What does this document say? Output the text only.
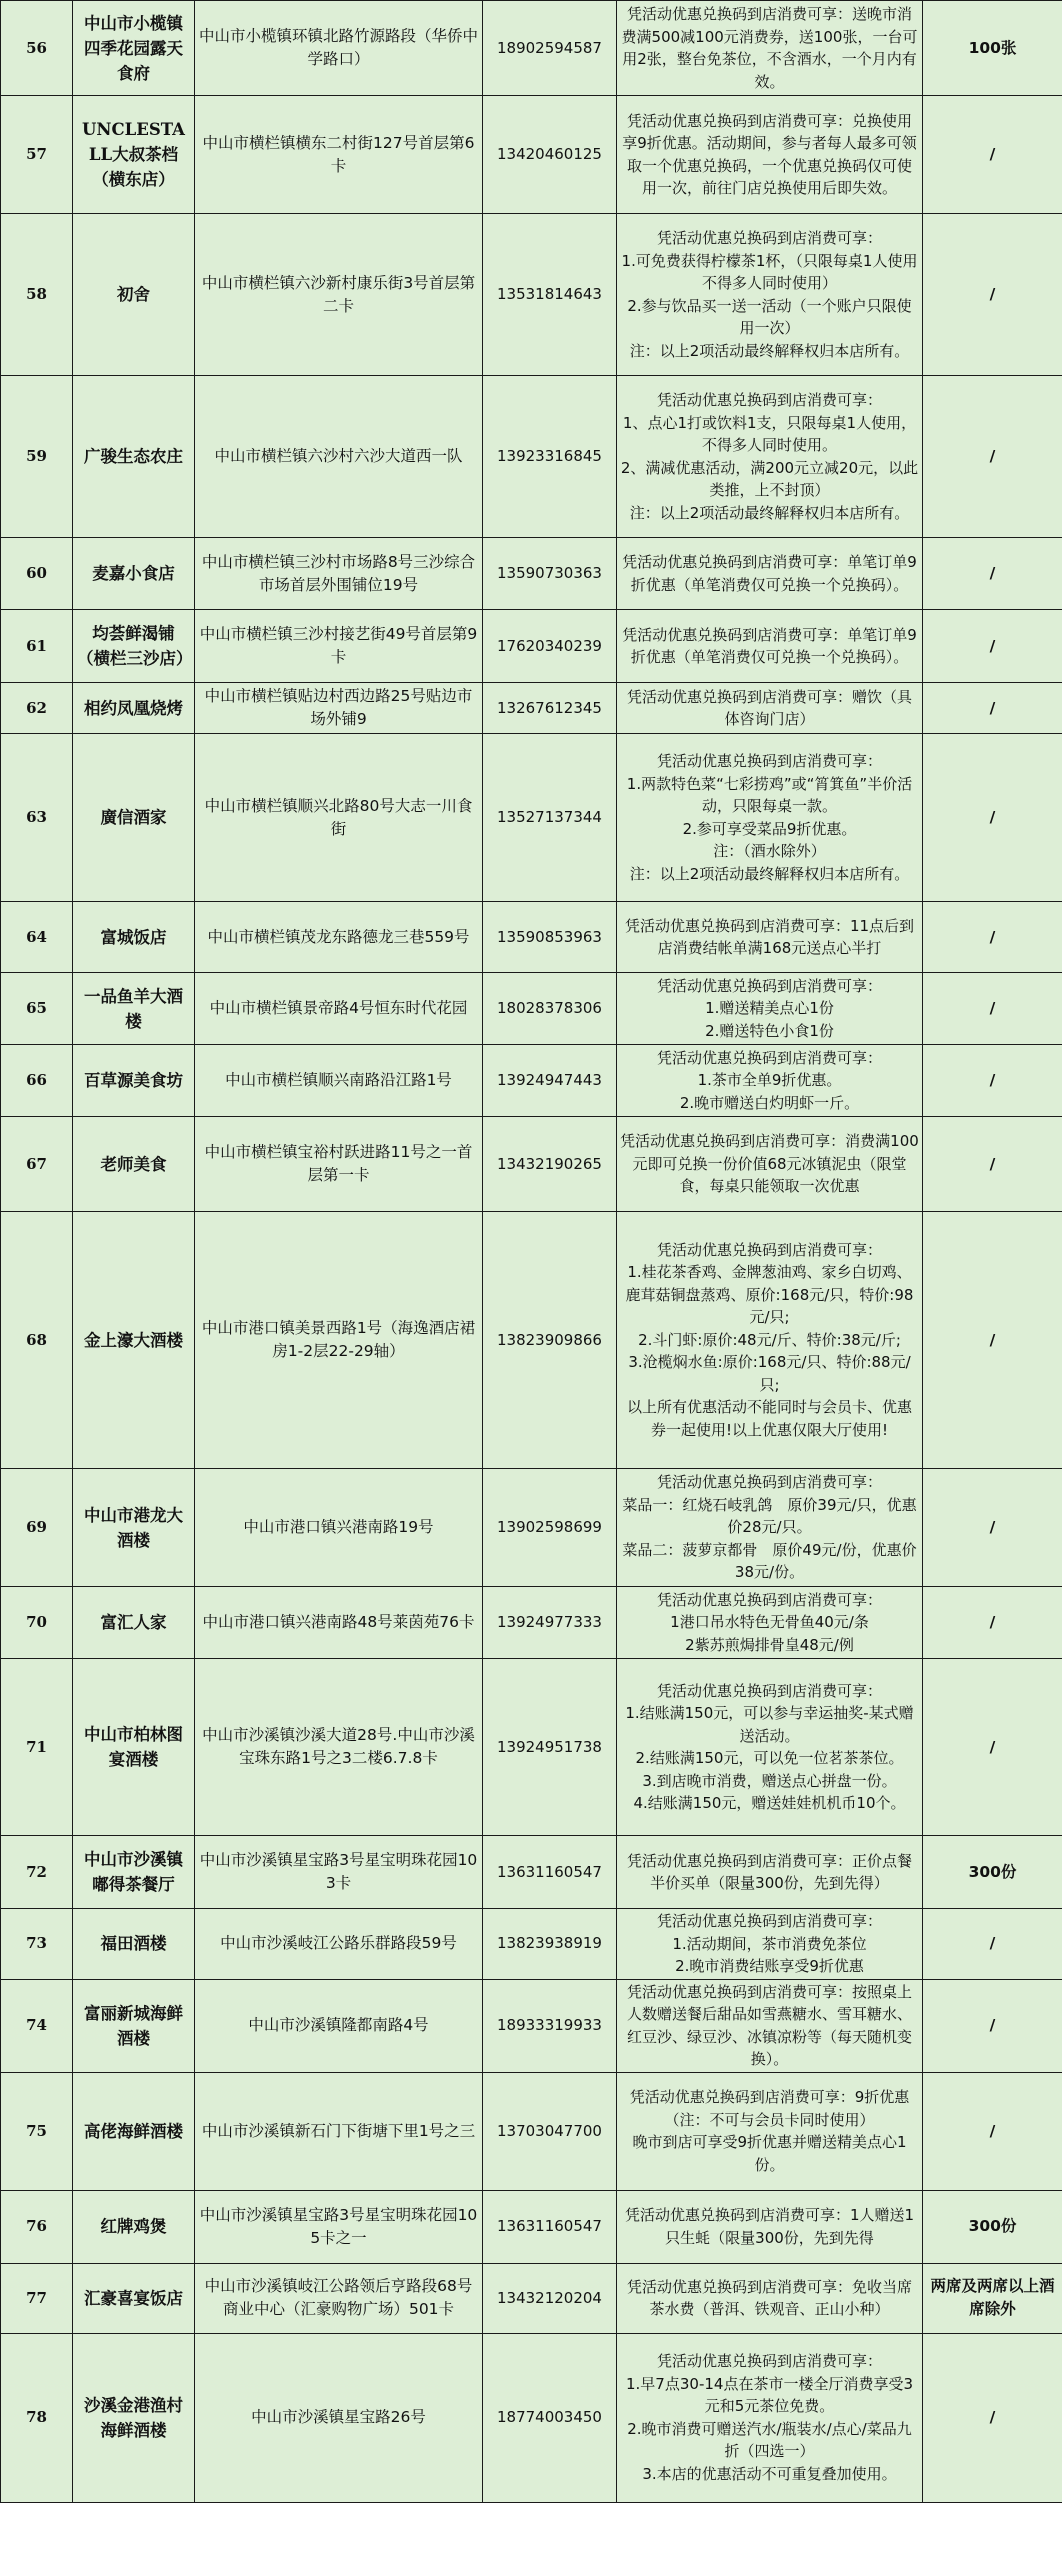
56	中山市小榄镇四季花园露天食府	中山市小榄镇环镇北路竹源路段（华侨中学路口）	18902594587	凭活动优惠兑换码到店消费可享：送晚市消费满500减100元消费券，送100张，一台可用2张，整台免茶位，不含酒水，一个月内有效。	100张
57	UNCLESTALL大叔茶档（横东店）	中山市横栏镇横东二村街127号首层第6卡	13420460125	凭活动优惠兑换码到店消费可享：兑换使用享9折优惠。活动期间，参与者每人最多可领取一个优惠兑换码，一个优惠兑换码仅可使用一次，前往门店兑换使用后即失效。	/
58	初舍	中山市横栏镇六沙新村康乐街3号首层第二卡	13531814643	凭活动优惠兑换码到店消费可享：
1.可免费获得柠檬茶1杯，（只限每桌1人使用不得多人同时使用）
2.参与饮品买一送一活动（一个账户只限使用一次）
注：以上2项活动最终解释权归本店所有。	/
59	广骏生态农庄	中山市横栏镇六沙村六沙大道西一队	13923316845	凭活动优惠兑换码到店消费可享：
1、点心1打或饮料1支，只限每桌1人使用，不得多人同时使用。
2、满减优惠活动，满200元立减20元，以此类推，上不封顶）
注：以上2项活动最终解释权归本店所有。	/
60	麦嘉小食店	中山市横栏镇三沙村市场路8号三沙综合市场首层外围铺位19号	13590730363	凭活动优惠兑换码到店消费可享：单笔订单9折优惠（单笔消费仅可兑换一个兑换码）。	/
61	均荟鲜渴铺（横栏三沙店）	中山市横栏镇三沙村接艺街49号首层第9卡	17620340239	凭活动优惠兑换码到店消费可享：单笔订单9折优惠（单笔消费仅可兑换一个兑换码）。	/
62	相约凤凰烧烤	中山市横栏镇贴边村西边路25号贴边市场外铺9	13267612345	凭活动优惠兑换码到店消费可享：赠饮（具体咨询门店）	/
63	廣信酒家	中山市横栏镇顺兴北路80号大志一川食街	13527137344	凭活动优惠兑换码到店消费可享：
1.两款特色菜“七彩捞鸡”或“筲箕鱼”半价活动，只限每桌一款。
2.参可享受菜品9折优惠。
注：（酒水除外）
注：以上2项活动最终解释权归本店所有。	/
64	富城饭店	中山市横栏镇茂龙东路德龙三巷559号	13590853963	凭活动优惠兑换码到店消费可享：11点后到店消费结帐单满168元送点心半打	/
65	一品鱼羊大酒楼	中山市横栏镇景帝路4号恒东时代花园	18028378306	凭活动优惠兑换码到店消费可享：
1.赠送精美点心1份
2.赠送特色小食1份	/
66	百草源美食坊	中山市横栏镇顺兴南路沿江路1号	13924947443	凭活动优惠兑换码到店消费可享：
1.茶市全单9折优惠。
2.晚市赠送白灼明虾一斤。	/
67	老师美食	中山市横栏镇宝裕村跃进路11号之一首层第一卡	13432190265	凭活动优惠兑换码到店消费可享：消费满100元即可兑换一份价值68元冰镇泥虫（限堂食，每桌只能领取一次优惠	/
68	金上濠大酒楼	中山市港口镇美景西路1号（海逸酒店裙房1-2层22-29轴）	13823909866	凭活动优惠兑换码到店消费可享：
1.桂花茶香鸡、金牌葱油鸡、家乡白切鸡、鹿茸菇铜盘蒸鸡、原价:168元/只，特价:98元/只;
2.斗门虾:原价:48元/斤、特价:38元/斤;
3.沧榄焖水鱼:原价:168元/只、特价:88元/只;
以上所有优惠活动不能同时与会员卡、优惠券一起使用!以上优惠仅限大厅使用!	/
69	中山市港龙大酒楼	中山市港口镇兴港南路19号	13902598699	凭活动优惠兑换码到店消费可享：
菜品一：红烧石岐乳鸽　原价39元/只，优惠价28元/只。
菜品二：菠萝京都骨　原价49元/份，优惠价38元/份。	/
70	富汇人家	中山市港口镇兴港南路48号莱茵苑76卡	13924977333	凭活动优惠兑换码到店消费可享：
1港口吊水特色无骨鱼40元/条
2紫苏煎焗排骨皇48元/例	/
71	中山市柏林图宴酒楼	中山市沙溪镇沙溪大道28号.中山市沙溪宝珠东路1号之3二楼6.7.8卡	13924951738	凭活动优惠兑换码到店消费可享：
1.结账满150元，可以参与幸运抽奖-某式赠送活动。
2.结账满150元，可以免一位茗茶茶位。
3.到店晚市消费，赠送点心拼盘一份。
4.结账满150元，赠送娃娃机机币10个。	/
72	中山市沙溪镇嘟得茶餐厅	中山市沙溪镇星宝路3号星宝明珠花园103卡	13631160547	凭活动优惠兑换码到店消费可享：正价点餐半价买单（限量300份，先到先得）	300份
73	福田酒楼	中山市沙溪岐江公路乐群路段59号	13823938919	凭活动优惠兑换码到店消费可享：
1.活动期间，茶市消费免茶位
2.晚市消费结账享受9折优惠	/
74	富丽新城海鲜酒楼	中山市沙溪镇隆都南路4号	18933319933	凭活动优惠兑换码到店消费可享：按照桌上人数赠送餐后甜品如雪燕糖水、雪耳糖水、红豆沙、绿豆沙、冰镇凉粉等（每天随机变换）。	/
75	高佬海鲜酒楼	中山市沙溪镇新石门下街塘下里1号之三	13703047700	凭活动优惠兑换码到店消费可享：9折优惠（注：不可与会员卡同时使用）
晚市到店可享受9折优惠并赠送精美点心1份。	/
76	红牌鸡煲	中山市沙溪镇星宝路3号星宝明珠花园105卡之一	13631160547	凭活动优惠兑换码到店消费可享：1人赠送1只生蚝（限量300份，先到先得	300份
77	汇豪喜宴饭店	中山市沙溪镇岐江公路领后亨路段68号商业中心（汇豪购物广场）501卡	13432120204	凭活动优惠兑换码到店消费可享：免收当席茶水费（普洱、铁观音、正山小种）	两席及两席以上酒席除外
78	沙溪金港渔村海鲜酒楼	中山市沙溪镇星宝路26号	18774003450	凭活动优惠兑换码到店消费可享：
1.早7点30-14点在茶市一楼全厅消费享受3元和5元茶位免费。
2.晚市消费可赠送汽水/瓶装水/点心/菜品九折（四选一）
3.本店的优惠活动不可重复叠加使用。	/
